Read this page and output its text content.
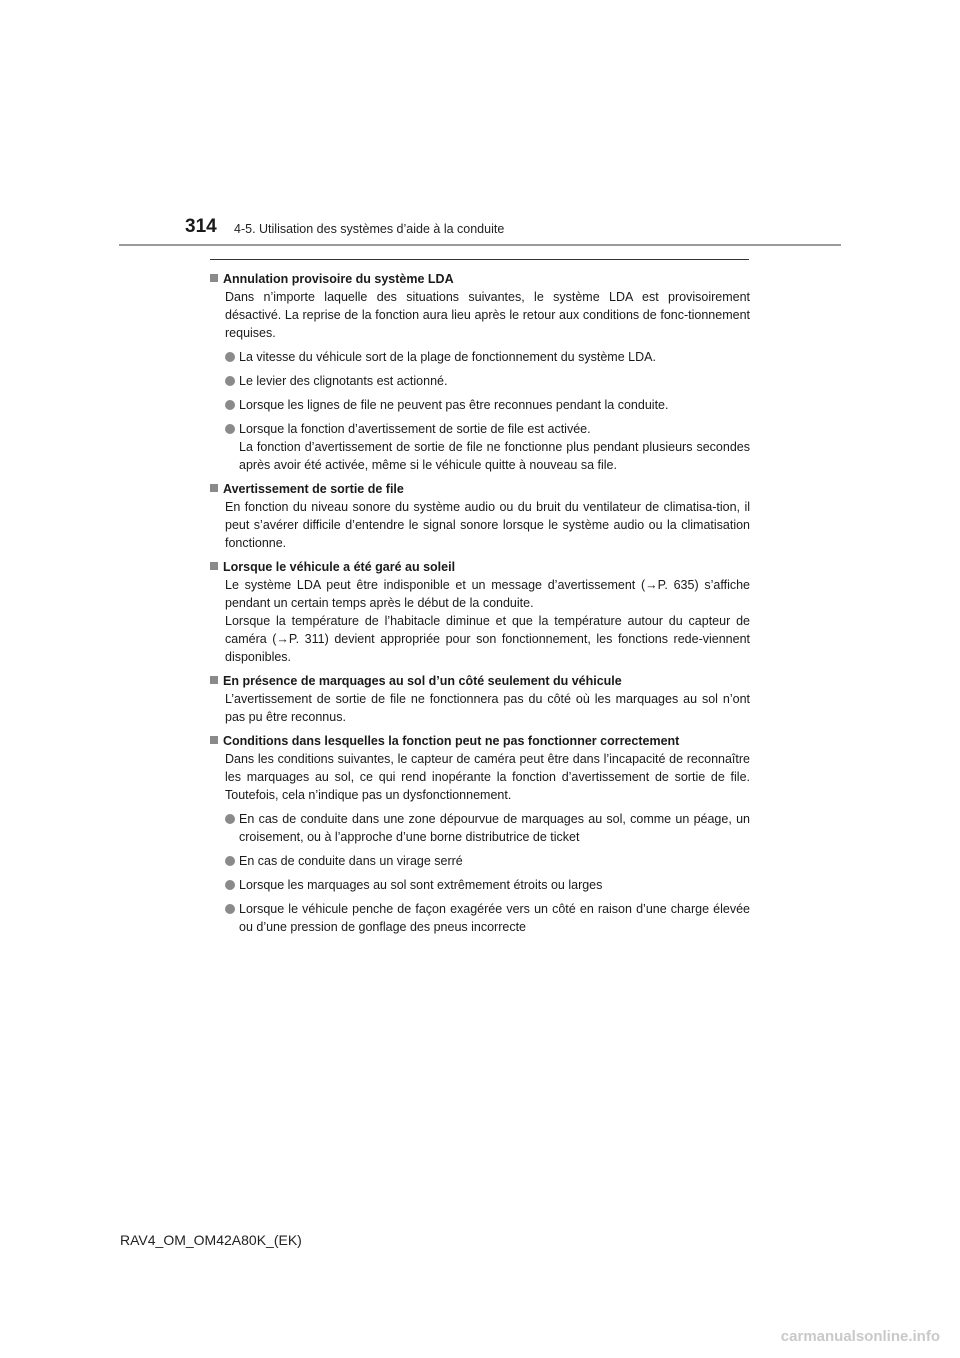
314 4-5. Utilisation des systèmes d’aide à la conduite

Annulation provisoire du système LDA

Dans n’importe laquelle des situations suivantes, le système LDA est provisoirement désactivé. La reprise de la fonction aura lieu après le retour aux conditions de fonc-tionnement requises.

La vitesse du véhicule sort de la plage de fonctionnement du système LDA.
Le levier des clignotants est actionné.
Lorsque les lignes de file ne peuvent pas être reconnues pendant la conduite.
Lorsque la fonction d’avertissement de sortie de file est activée.
La fonction d’avertissement de sortie de file ne fonctionne plus pendant plusieurs secondes après avoir été activée, même si le véhicule quitte à nouveau sa file.

Avertissement de sortie de file

En fonction du niveau sonore du système audio ou du bruit du ventilateur de climatisa-tion, il peut s’avérer difficile d’entendre le signal sonore lorsque le système audio ou la climatisation fonctionne.

Lorsque le véhicule a été garé au soleil

Le système LDA peut être indisponible et un message d’avertissement (→P. 635) s’affiche pendant un certain temps après le début de la conduite.

Lorsque la température de l’habitacle diminue et que la température autour du capteur de caméra (→P. 311) devient appropriée pour son fonctionnement, les fonctions rede-viennent disponibles.

En présence de marquages au sol d’un côté seulement du véhicule

L’avertissement de sortie de file ne fonctionnera pas du côté où les marquages au sol n’ont pas pu être reconnus.

Conditions dans lesquelles la fonction peut ne pas fonctionner correctement

Dans les conditions suivantes, le capteur de caméra peut être dans l’incapacité de reconnaître les marquages au sol, ce qui rend inopérante la fonction d’avertissement de sortie de file. Toutefois, cela n’indique pas un dysfonctionnement.

En cas de conduite dans une zone dépourvue de marquages au sol, comme un péage, un croisement, ou à l’approche d’une borne distributrice de ticket
En cas de conduite dans un virage serré
Lorsque les marquages au sol sont extrêmement étroits ou larges
Lorsque le véhicule penche de façon exagérée vers un côté en raison d’une charge élevée ou d’une pression de gonflage des pneus incorrecte
RAV4_OM_OM42A80K_(EK)
carmanualsonline.info
